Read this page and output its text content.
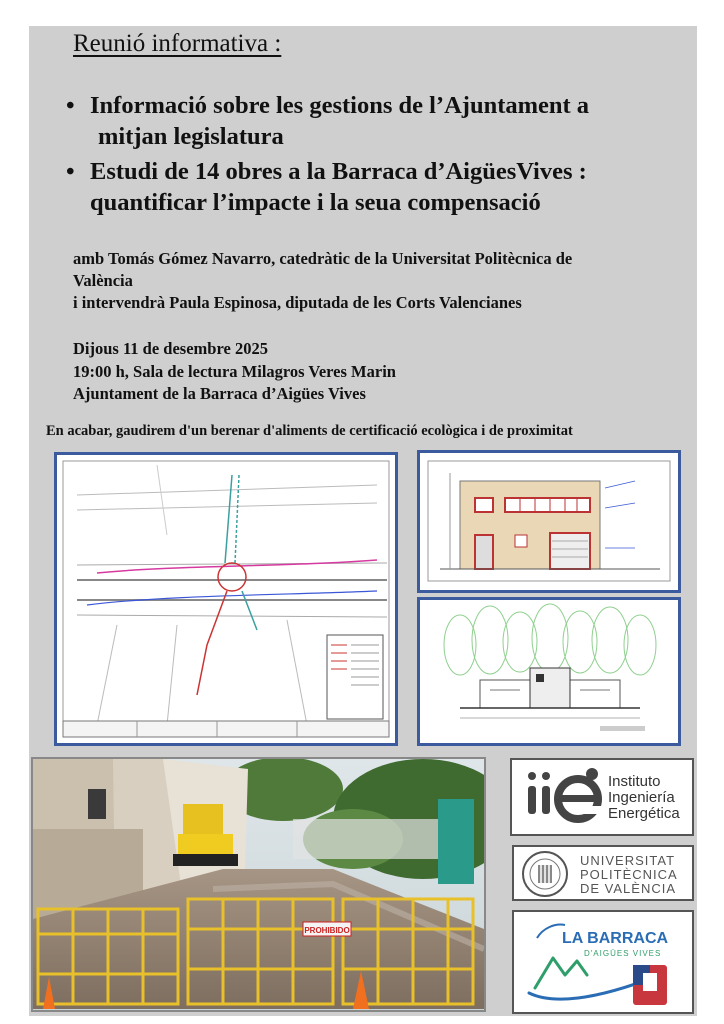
Reunió informativa :
• Informació sobre les gestions de l’Ajuntament a
mitjan legislatura
• Estudi de 14 obres a la Barraca d’AigüesVives :
quantificar l’impacte i la seua compensació
amb Tomás Gómez Navarro, catedràtic de la Universitat Politècnica de
València
i intervendrà Paula Espinosa, diputada de les Corts Valencianes
Dijous 11 de desembre 2025
19:00 h, Sala de lectura Milagros Veres Marin
Ajuntament de la Barraca d’Aigües Vives
En acabar, gaudirem d'un berenar d'aliments de certificació ecològica i de proximitat
PROHIBIDO
Instituto
Ingeniería
Energética
UNIVERSITAT
POLITÈCNICA
DE VALÈNCIA
LA BARRACA
D'AIGÜES VIVES
